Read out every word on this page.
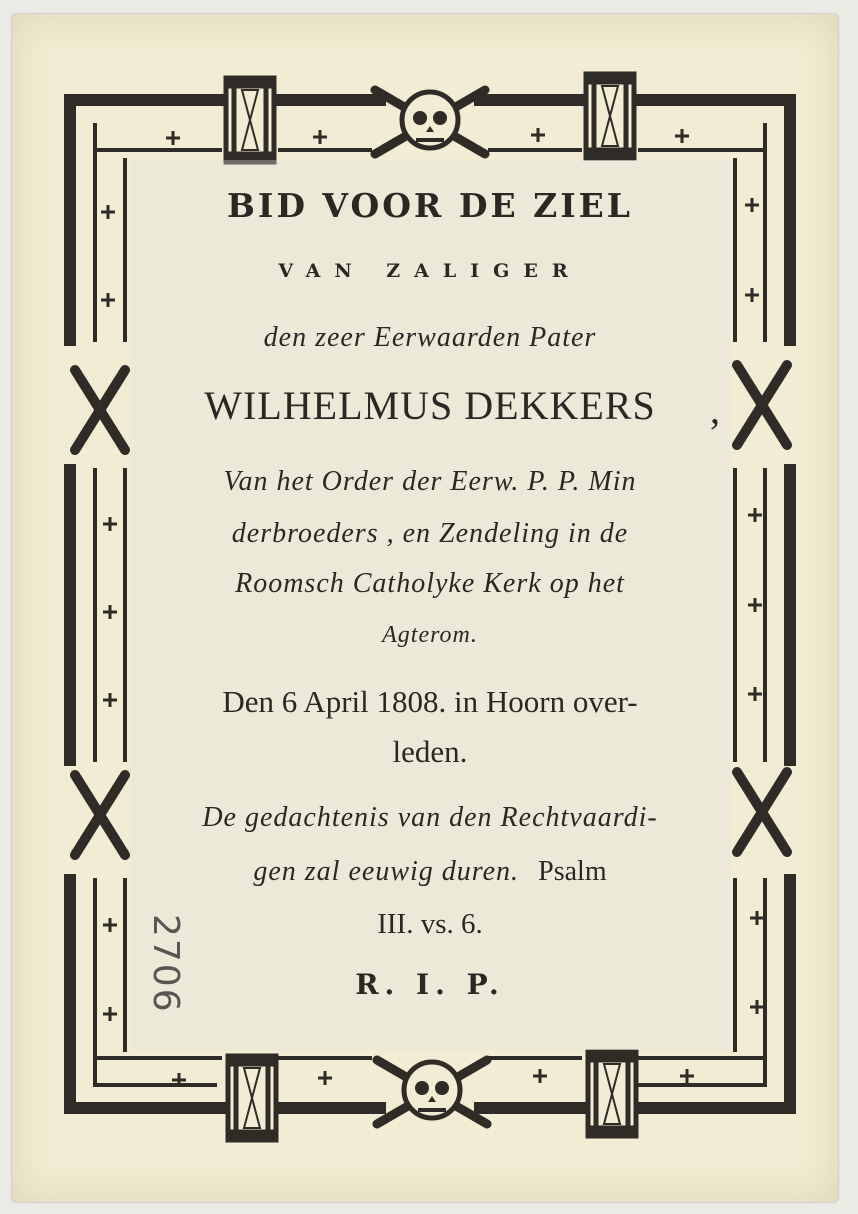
BID VOOR DE ZIEL

VAN ZALIGER

den zeer Eerwaarden Pater

WILHELMUS DEKKERS	,

Van het Order der Eerw. P. P. Min

derbroeders , en Zendeling in de

Roomsch Catholyke Kerk op het

Agterom.

Den 6 April 1808. in Hoorn over-

leden.

De gedachtenis van den Rechtvaardi-

gen zal eeuwig duren. Psalm

III. vs. 6.

R. I. P.

2706
